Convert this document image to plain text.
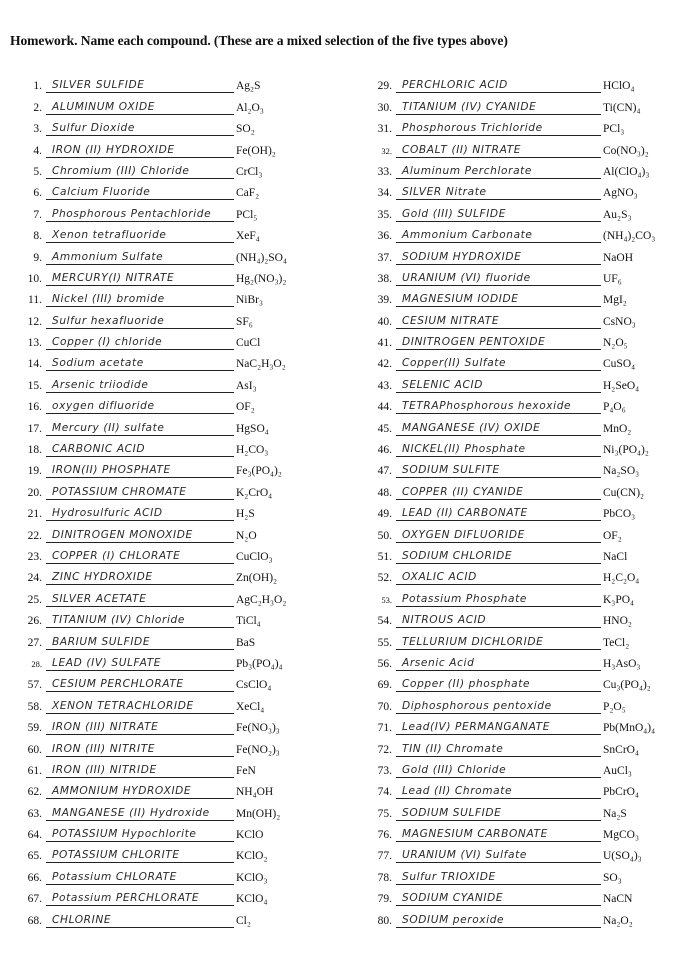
Homework. Name each compound. (These are a mixed selection of the five types above)
1. SILVER SULFIDE	Ag₂S
2. ALUMINUM OXIDE	Al₂O₃
3. Sulfur Dioxide	SO₂
4. IRON (II) HYDROXIDE	Fe(OH)₂
5. Chromium (III) Chloride	CrCl₃
6. Calcium Fluoride	CaF₂
7. Phosphorous Pentachloride	PCl₅
8. Xenon tetrafluoride	XeF₄
9. Ammonium Sulfate	(NH₄)₂SO₄
10. MERCURY(I) NITRATE	Hg₂(NO₃)₂
11. Nickel (III) bromide	NiBr₃
12. Sulfur hexafluoride	SF₆
13. Copper (I) chloride	CuCl
14. Sodium acetate	NaC₂H₃O₂
15. Arsenic triiodide	AsI₃
16. oxygen difluoride	OF₂
17. Mercury (II) sulfate	HgSO₄
18. CARBONIC ACID	H₂CO₃
19. IRON(II) PHOSPHATE	Fe₃(PO₄)₂
20. POTASSIUM CHROMATE	K₂CrO₄
21. Hydrosulfuric ACID	H₂S
22. DINITROGEN MONOXIDE	N₂O
23. COPPER (I) CHLORATE	CuClO₃
24. ZINC HYDROXIDE	Zn(OH)₂
25. SILVER ACETATE	AgC₂H₃O₂
26. TITANIUM (IV) Chloride	TiCl₄
27. BARIUM SULFIDE	BaS
28. LEAD (IV) SULFATE	Pb₃(PO₄)₄
57. CESIUM PERCHLORATE	CsClO₄
58. XENON TETRACHLORIDE	XeCl₄
59. IRON (III) NITRATE	Fe(NO₃)₃
60. IRON (III) NITRITE	Fe(NO₂)₃
61. IRON (III) NITRIDE	FeN
62. AMMONIUM HYDROXIDE	NH₄OH
63. MANGANESE (II) Hydroxide	Mn(OH)₂
64. POTASSIUM Hypochlorite	KClO
65. POTASSIUM CHLORITE	KClO₂
66. Potassium CHLORATE	KClO₃
67. Potassium PERCHLORATE	KClO₄
68. CHLORINE	Cl₂
29. PERCHLORIC ACID	HClO₄
30. TITANIUM (IV) CYANIDE	Ti(CN)₄
31. Phosphorous Trichloride	PCl₃
32. COBALT (II) NITRATE	Co(NO₃)₂
33. Aluminum Perchlorate	Al(ClO₄)₃
34. SILVER Nitrate	AgNO₃
35. Gold (III) SULFIDE	Au₂S₃
36. Ammonium Carbonate	(NH₄)₂CO₃
37. SODIUM HYDROXIDE	NaOH
38. URANIUM (VI) fluoride	UF₆
39. MAGNESIUM IODIDE	MgI₂
40. CESIUM NITRATE	CsNO₃
41. DINITROGEN PENTOXIDE	N₂O₅
42. Copper(II) Sulfate	CuSO₄
43. SELENIC ACID	H₂SeO₄
44. TETRAPhosphorous hexoxide	P₄O₆
45. MANGANESE (IV) OXIDE	MnO₂
46. NICKEL(II) Phosphate	Ni₃(PO₄)₂
47. SODIUM SULFITE	Na₂SO₃
48. COPPER (II) CYANIDE	Cu(CN)₂
49. LEAD (II) CARBONATE	PbCO₃
50. OXYGEN DIFLUORIDE	OF₂
51. SODIUM CHLORIDE	NaCl
52. OXALIC ACID	H₂C₂O₄
53. Potassium Phosphate	K₃PO₄
54. NITROUS ACID	HNO₂
55. TELLURIUM DICHLORIDE	TeCl₂
56. Arsenic Acid	H₃AsO₃
69. Copper (II) phosphate	Cu₃(PO₄)₂
70. Diphosphorous pentoxide	P₂O₅
71. Lead(IV) PERMANGANATE	Pb(MnO₄)₄
72. TIN (II) Chromate	SnCrO₄
73. Gold (III) Chloride	AuCl₃
74. Lead (II) Chromate	PbCrO₄
75. SODIUM SULFIDE	Na₂S
76. MAGNESIUM CARBONATE	MgCO₃
77. URANIUM (VI) Sulfate	U(SO₄)₃
78. Sulfur TRIOXIDE	SO₃
79. SODIUM CYANIDE	NaCN
80. SODIUM peroxide	Na₂O₂
